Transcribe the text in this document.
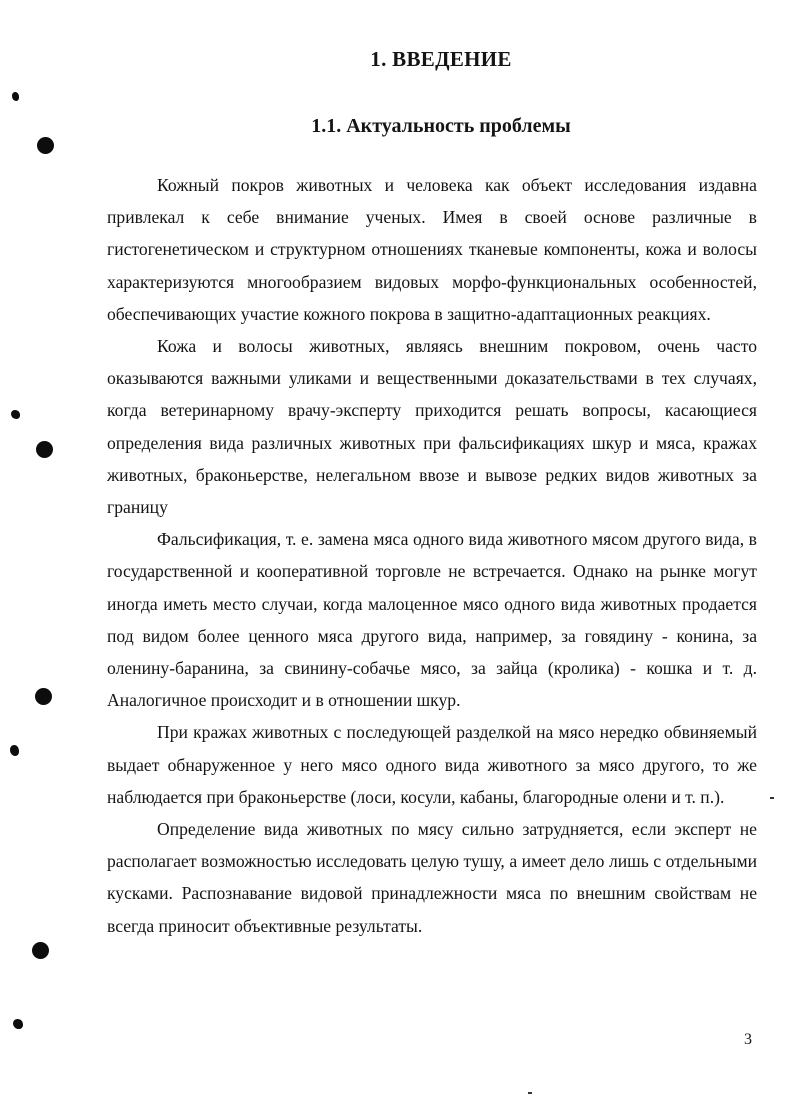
1. ВВЕДЕНИЕ
1.1. Актуальность проблемы

Кожный покров животных и человека как объект исследования издавна привлекал к себе внимание ученых. Имея в своей основе различные в гистогенетическом и структурном отношениях тканевые компоненты, кожа и волосы характеризуются многообразием видовых морфо-функциональных особенностей, обеспечивающих участие кожного покрова в защитно-адаптационных реакциях.

Кожа и волосы животных, являясь внешним покровом, очень часто оказываются важными уликами и вещественными доказательствами в тех случаях, когда ветеринарному врачу-эксперту приходится решать вопросы, касающиеся определения вида различных животных при фальсификациях шкур и мяса, кражах животных, браконьерстве, нелегальном ввозе и вывозе редких видов животных за границу

Фальсификация, т. е. замена мяса одного вида животного мясом другого вида, в государственной и кооперативной торговле не встречается. Однако на рынке могут иногда иметь место случаи, когда малоценное мясо одного вида животных продается под видом более ценного мяса другого вида, например, за говядину - конина, за оленину-баранина, за свинину-собачье мясо, за зайца (кролика) - кошка и т. д. Аналогичное происходит и в отношении шкур.

При кражах животных с последующей разделкой на мясо нередко обвиняемый выдает обнаруженное у него мясо одного вида животного за мясо другого, то же наблюдается при браконьерстве (лоси, косули, кабаны, благородные олени и т. п.).

Определение вида животных по мясу сильно затрудняется, если эксперт не располагает возможностью исследовать целую тушу, а имеет дело лишь с отдельными кусками. Распознавание видовой принадлежности мяса по внешним свойствам не всегда приносит объективные результаты.

3
